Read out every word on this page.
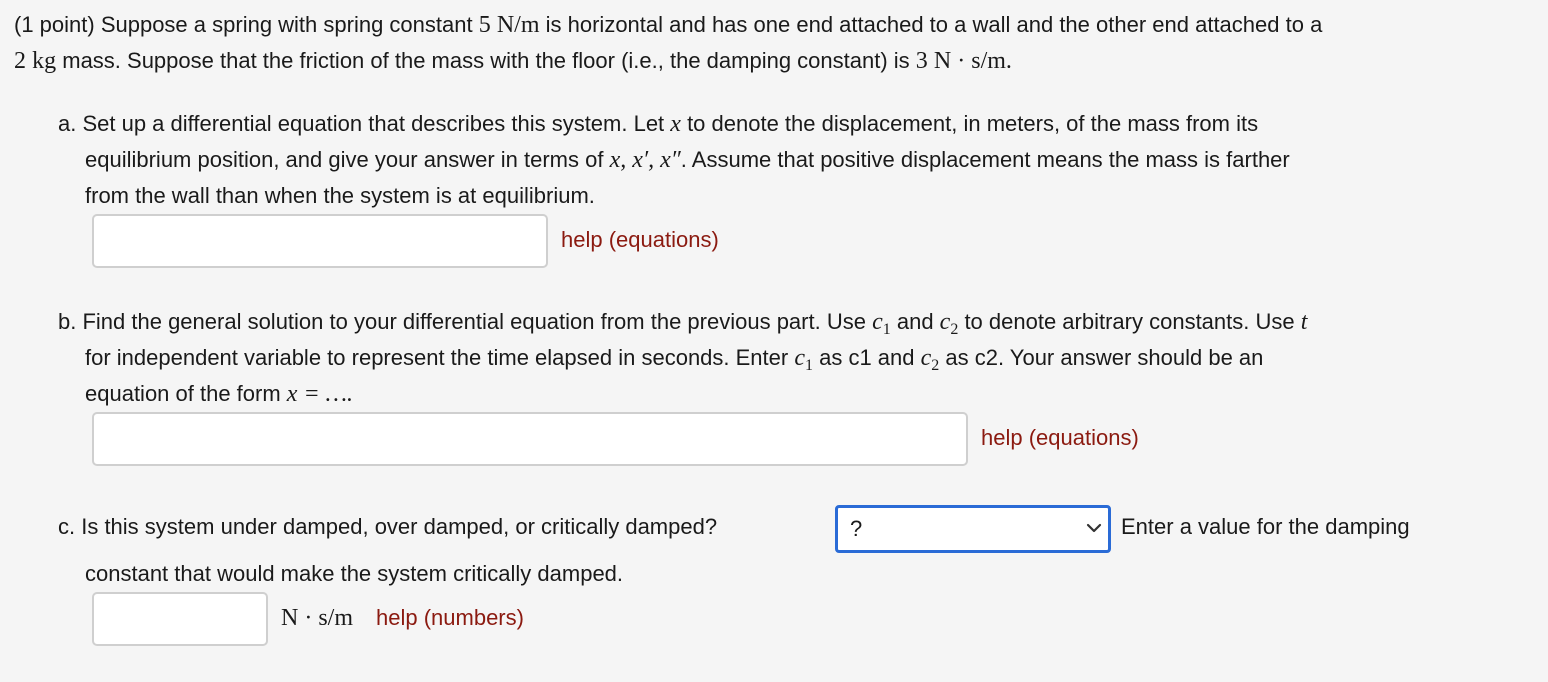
(1 point) Suppose a spring with spring constant 5 N/m is horizontal and has one end attached to a wall and the other end attached to a
2 kg mass. Suppose that the friction of the mass with the floor (i.e., the damping constant) is 3 N · s/m.
a. Set up a differential equation that describes this system. Let x to denote the displacement, in meters, of the mass from its
equilibrium position, and give your answer in terms of x, x′, x″. Assume that positive displacement means the mass is farther
from the wall than when the system is at equilibrium.
help (equations)
b. Find the general solution to your differential equation from the previous part. Use $c_1$ and $c_2$ to denote arbitrary constants. Use t
for independent variable to represent the time elapsed in seconds. Enter $c_1$ as c1 and $c_2$ as c2. Your answer should be an
equation of the form x = ….
help (equations)
c. Is this system under damped, over damped, or critically damped?	?	Enter a value for the damping
constant that would make the system critically damped.
N · s/m help (numbers)
